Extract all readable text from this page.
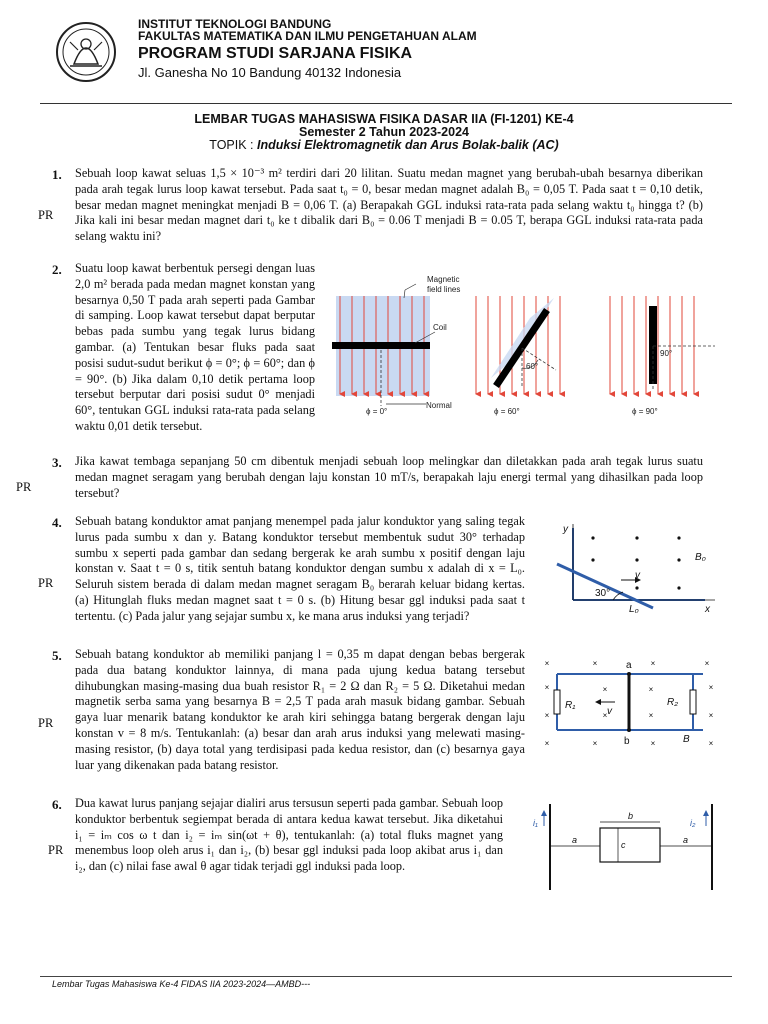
INSTITUT TEKNOLOGI BANDUNG
FAKULTAS MATEMATIKA DAN ILMU PENGETAHUAN ALAM
PROGRAM STUDI SARJANA FISIKA
Jl. Ganesha No 10 Bandung 40132 Indonesia
LEMBAR TUGAS MAHASISWA FISIKA DASAR IIA (FI-1201) KE-4
Semester 2 Tahun 2023-2024
TOPIK : Induksi Elektromagnetik dan Arus Bolak-balik (AC)
1.
PR
Sebuah loop kawat seluas 1,5 × 10⁻³ m² terdiri dari 20 lilitan. Suatu medan magnet yang berubah-ubah besarnya diberikan pada arah tegak lurus loop kawat tersebut. Pada saat t₀ = 0, besar medan magnet adalah B₀ = 0,05 T. Pada saat t = 0,10 detik, besar medan magnet meningkat menjadi B = 0,06 T. (a) Berapakah GGL induksi rata-rata pada selang waktu t₀ hingga t? (b) Jika kali ini besar medan magnet dari t₀ ke t dibalik dari B₀ = 0.06 T menjadi B = 0.05 T, berapa GGL induksi rata-rata pada selang waktu ini?
2. Suatu loop kawat berbentuk persegi dengan luas 2,0 m² berada pada medan magnet konstan yang besarnya 0,50 T pada arah seperti pada Gambar di samping. Loop kawat tersebut dapat berputar bebas pada sumbu yang tegak lurus bidang gambar. (a) Tentukan besar fluks pada saat posisi sudut-sudut berikut ϕ = 0°; ϕ = 60°; dan ϕ = 90°. (b) Jika dalam 0,10 detik pertama loop tersebut berputar dari posisi sudut 0° menjadi 60°, tentukan GGL induksi rata-rata pada selang waktu 0,01 detik tersebut.
Magnetic
field lines
Coil
Normal
ϕ = 0°
60°
ϕ = 60°
90°
ϕ = 90°
3.
PR
Jika kawat tembaga sepanjang 50 cm dibentuk menjadi sebuah loop melingkar dan diletakkan pada arah tegak lurus suatu medan magnet seragam yang berubah dengan laju konstan 10 mT/s, berapakah laju energi termal yang dihasilkan pada loop tersebut?
4.
PR
Sebuah batang konduktor amat panjang menempel pada jalur konduktor yang saling tegak lurus pada sumbu x dan y. Batang konduktor tersebut membentuk sudut 30° terhadap sumbu x seperti pada gambar dan sedang bergerak ke arah sumbu x positif dengan laju konstan v. Saat t = 0 s, titik sentuh batang konduktor dengan sumbu x adalah di x = L₀. Seluruh sistem berada di dalam medan magnet seragam B₀ berarah keluar bidang kertas. (a) Hitunglah fluks medan magnet saat t = 0 s. (b) Hitung besar ggl induksi pada saat t tertentu. (c) Pada jalur yang sejajar sumbu x, ke mana arus induksi yang terjadi?
y
x
B₀
v
30°
L₀
5.
PR
Sebuah batang konduktor ab memiliki panjang l = 0,35 m dapat dengan bebas bergerak pada dua batang konduktor lainnya, di mana pada ujung kedua batang tersebut dihubungkan masing-masing dua buah resistor R₁ = 2 Ω dan R₂ = 5 Ω. Diketahui medan magnetik serba sama yang besarnya B = 2,5 T pada arah masuk bidang gambar. Sebuah gaya luar menarik batang konduktor ke arah kiri sehingga batang bergerak dengan laju konstan v = 8 m/s. Tentukanlah: (a) besar dan arah arus induksi yang melewati masing-masing resistor, (b) daya total yang terdisipasi pada kedua resistor, dan (c) besarnya gaya luar yang dikenakan pada batang resistor.
×	×	×	×
×	×	×	×
×	×	×	×
×	×	×	×
a
b
R₁	R₂
v
B
6.
PR
Dua kawat lurus panjang sejajar dialiri arus tersusun seperti pada gambar. Sebuah loop konduktor berbentuk segiempat berada di antara kedua kawat tersebut. Jika diketahui i₁ = iₘ cos ω t dan i₂ = iₘ sin(ωt + θ), tentukanlah: (a) total fluks magnet yang menembus loop oleh arus i₁ dan i₂, (b) besar ggl induksi pada loop akibat arus i₁ dan i₂, dan (c) nilai fase awal θ agar tidak terjadi ggl induksi pada loop.
i₁	i₂
a	a
b
c
Lembar Tugas Mahasiswa Ke-4 FIDAS IIA 2023-2024—AMBD---
